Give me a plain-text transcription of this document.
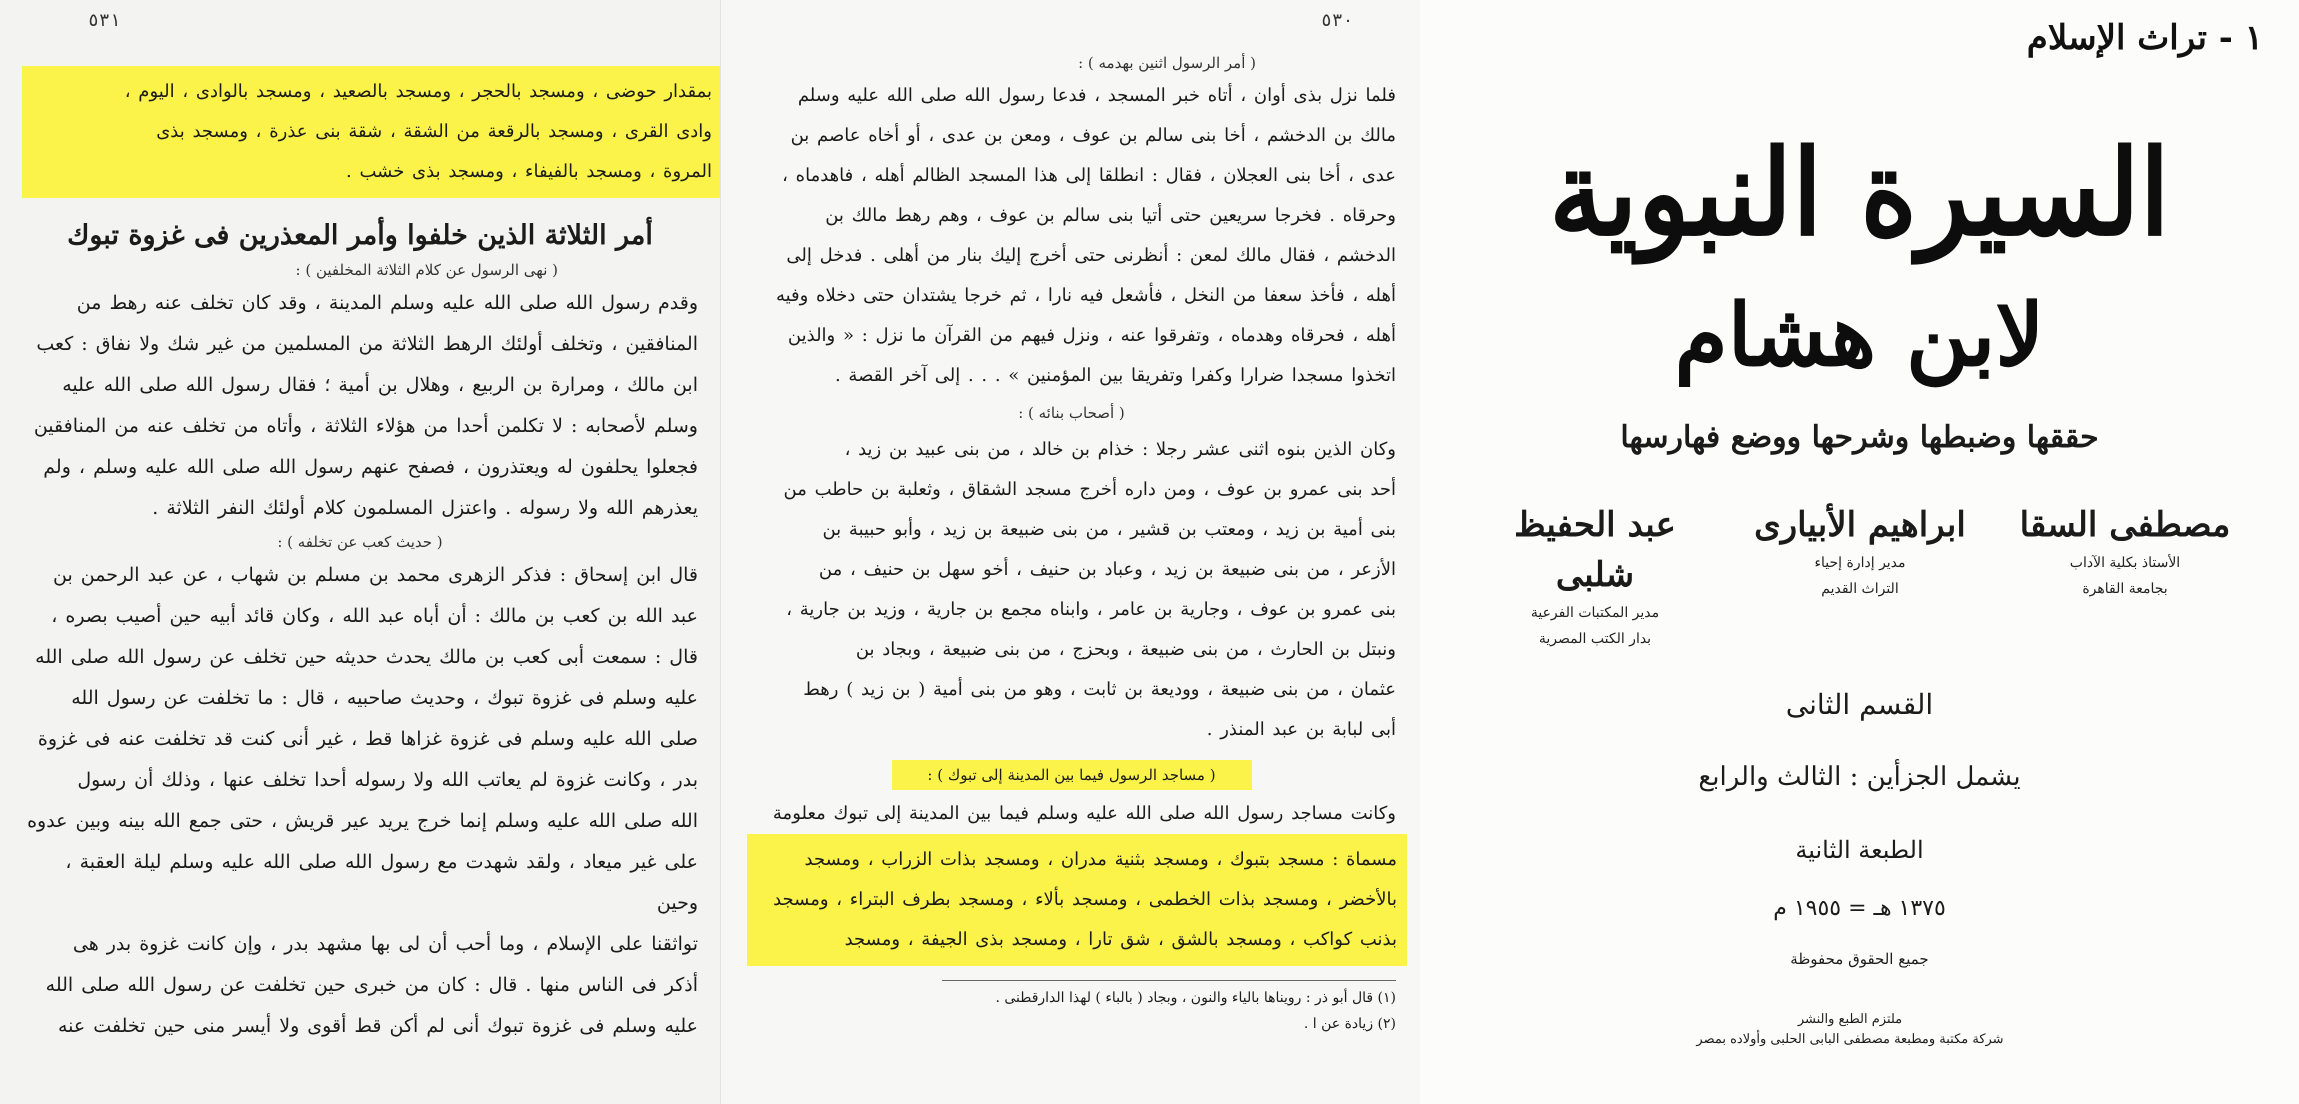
٥٣١
بمقدار حوضى ، ومسجد بالحجر ، ومسجد بالصعيد ، ومسجد بالوادى ، اليوم ،
وادى القرى ، ومسجد بالرقعة من الشقة ، شقة بنى عذرة ، ومسجد بذى
المروة ، ومسجد بالفيفاء ، ومسجد بذى خشب .
أمر الثلاثة الذين خلفوا وأمر المعذرين فى غزوة تبوك
( نهى الرسول عن كلام الثلاثة المخلفين ) :
وقدم رسول الله صلى الله عليه وسلم المدينة ، وقد كان تخلف عنه رهط من
المنافقين ، وتخلف أولئك الرهط الثلاثة من المسلمين من غير شك ولا نفاق : كعب
ابن مالك ، ومرارة بن الربيع ، وهلال بن أمية ؛ فقال رسول الله صلى الله عليه
وسلم لأصحابه : لا تكلمن أحدا من هؤلاء الثلاثة ، وأتاه من تخلف عنه من المنافقين
فجعلوا يحلفون له ويعتذرون ، فصفح عنهم رسول الله صلى الله عليه وسلم ، ولم
يعذرهم الله ولا رسوله . واعتزل المسلمون كلام أولئك النفر الثلاثة .
( حديث كعب عن تخلفه ) :
قال ابن إسحاق : فذكر الزهرى محمد بن مسلم بن شهاب ، عن عبد الرحمن بن
عبد الله بن كعب بن مالك : أن أباه عبد الله ، وكان قائد أبيه حين أصيب بصره ،
قال : سمعت أبى كعب بن مالك يحدث حديثه حين تخلف عن رسول الله صلى الله
عليه وسلم فى غزوة تبوك ، وحديث صاحبيه ، قال : ما تخلفت عن رسول الله
صلى الله عليه وسلم فى غزوة غزاها قط ، غير أنى كنت قد تخلفت عنه فى غزوة
بدر ، وكانت غزوة لم يعاتب الله ولا رسوله أحدا تخلف عنها ، وذلك أن رسول
الله صلى الله عليه وسلم إنما خرج يريد عير قريش ، حتى جمع الله بينه وبين عدوه
على غير ميعاد ، ولقد شهدت مع رسول الله صلى الله عليه وسلم ليلة العقبة ، وحين
تواثقنا على الإسلام ، وما أحب أن لى بها مشهد بدر ، وإن كانت غزوة بدر هى
أذكر فى الناس منها . قال : كان من خبرى حين تخلفت عن رسول الله صلى الله
عليه وسلم فى غزوة تبوك أنى لم أكن قط أقوى ولا أيسر منى حين تخلفت عنه
٥٣٠
( أمر الرسول اثنين بهدمه ) :
فلما نزل بذى أوان ، أتاه خبر المسجد ، فدعا رسول الله صلى الله عليه وسلم
مالك بن الدخشم ، أخا بنى سالم بن عوف ، ومعن بن عدى ، أو أخاه عاصم بن
عدى ، أخا بنى العجلان ، فقال : انطلقا إلى هذا المسجد الظالم أهله ، فاهدماه ،
وحرقاه . فخرجا سريعين حتى أتيا بنى سالم بن عوف ، وهم رهط مالك بن
الدخشم ، فقال مالك لمعن : أنظرنى حتى أخرج إليك بنار من أهلى . فدخل إلى
أهله ، فأخذ سعفا من النخل ، فأشعل فيه نارا ، ثم خرجا يشتدان حتى دخلاه وفيه
أهله ، فحرقاه وهدماه ، وتفرقوا عنه ، ونزل فيهم من القرآن ما نزل : « والذين
اتخذوا مسجدا ضرارا وكفرا وتفريقا بين المؤمنين » . . . إلى آخر القصة .
( أصحاب بنائه ) :
وكان الذين بنوه اثنى عشر رجلا : خذام بن خالد ، من بنى عبيد بن زيد ،
أحد بنى عمرو بن عوف ، ومن داره أخرج مسجد الشقاق ، وثعلبة بن حاطب من
بنى أمية بن زيد ، ومعتب بن قشير ، من بنى ضبيعة بن زيد ، وأبو حبيبة بن
الأزعر ، من بنى ضبيعة بن زيد ، وعباد بن حنيف ، أخو سهل بن حنيف ، من
بنى عمرو بن عوف ، وجارية بن عامر ، وابناه مجمع بن جارية ، وزيد بن جارية ،
ونبتل بن الحارث ، من بنى ضبيعة ، وبحزج ، من بنى ضبيعة ، وبجاد بن
عثمان ، من بنى ضبيعة ، ووديعة بن ثابت ، وهو من بنى أمية ( بن زيد ) رهط
أبى لبابة بن عبد المنذر .
( مساجد الرسول فيما بين المدينة إلى تبوك ) :
وكانت مساجد رسول الله صلى الله عليه وسلم فيما بين المدينة إلى تبوك معلومة
مسماة : مسجد بتبوك ، ومسجد بثنية مدران ، ومسجد بذات الزراب ، ومسجد
بالأخضر ، ومسجد بذات الخطمى ، ومسجد بألاء ، ومسجد بطرف البتراء ، ومسجد
بذنب كواكب ، ومسجد بالشق ، شق تارا ، ومسجد بذى الجيفة ، ومسجد
(١) قال أبو ذر : رويناها بالياء والنون ، وبجاد ( بالباء ) لهذا الدارقطنى .
(٢) زيادة عن ا .
١ - تراث الإسلام
السيرة النبوية
لابن هشام
حققها وضبطها وشرحها ووضع فهارسها
مصطفى السقا
الأستاذ بكلية الآداب
بجامعة القاهرة
ابراهيم الأبيارى
مدير إدارة إحياء
التراث القديم
عبد الحفيظ شلبى
مدير المكتبات الفرعية
بدار الكتب المصرية
القسم الثانى
يشمل الجزأين : الثالث والرابع
الطبعة الثانية
١٣٧٥ هـ = ١٩٥٥ م
جميع الحقوق محفوظة
ملتزم الطبع والنشر
شركة مكتبة ومطبعة مصطفى البابى الحلبى وأولاده بمصر
